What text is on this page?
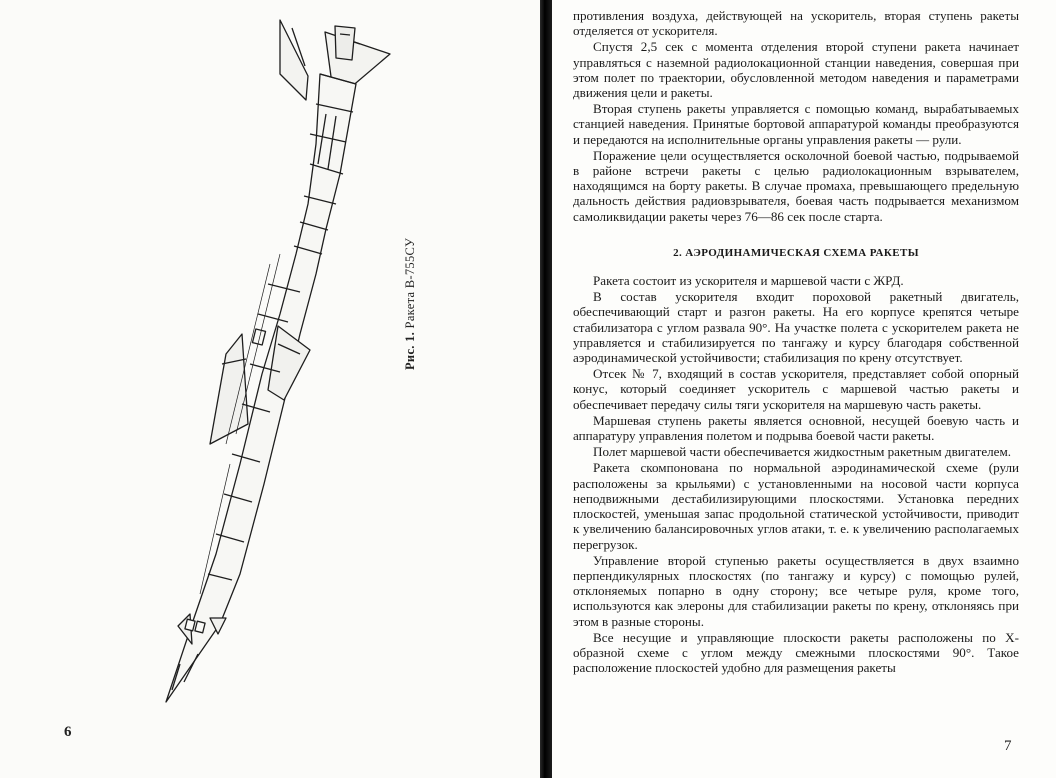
Рис. 1. Ракета В-755СУ
6

противления воздуха, действующей на ускоритель, вторая ступень ракеты отделяется от ускорителя.

Спустя 2,5 сек с момента отделения второй ступени ракета начинает управляться с наземной радиолокационной станции наведения, совершая при этом полет по траектории, обусловленной методом наведения и параметрами движения цели и ракеты.

Вторая ступень ракеты управляется с помощью команд, вырабатываемых станцией наведения. Принятые бортовой аппаратурой команды преобразуются и передаются на исполнительные органы управления ракеты — рули.

Поражение цели осуществляется осколочной боевой частью, подрываемой в районе встречи ракеты с целью радиолокационным взрывателем, находящимся на борту ракеты. В случае промаха, превышающего предельную дальность действия радиовзрывателя, боевая часть подрывается механизмом самоликвидации ракеты через 76—86 сек после старта.

2. АЭРОДИНАМИЧЕСКАЯ СХЕМА РАКЕТЫ

Ракета состоит из ускорителя и маршевой части с ЖРД.

В состав ускорителя входит пороховой ракетный двигатель, обеспечивающий старт и разгон ракеты. На его корпусе крепятся четыре стабилизатора с углом развала 90°. На участке полета с ускорителем ракета не управляется и стабилизируется по тангажу и курсу благодаря собственной аэродинамической устойчивости; стабилизация по крену отсутствует.

Отсек № 7, входящий в состав ускорителя, представляет собой опорный конус, который соединяет ускоритель с маршевой частью ракеты и обеспечивает передачу силы тяги ускорителя на маршевую часть ракеты.

Маршевая ступень ракеты является основной, несущей боевую часть и аппаратуру управления полетом и подрыва боевой части ракеты.

Полет маршевой части обеспечивается жидкостным ракетным двигателем.

Ракета скомпонована по нормальной аэродинамической схеме (рули расположены за крыльями) с установленными на носовой части корпуса неподвижными дестабилизирующими плоскостями. Установка передних плоскостей, уменьшая запас продольной статической устойчивости, приводит к увеличению балансировочных углов атаки, т. е. к увеличению располагаемых перегрузок.

Управление второй ступенью ракеты осуществляется в двух взаимно перпендикулярных плоскостях (по тангажу и курсу) с помощью рулей, отклоняемых попарно в одну сторону; все четыре руля, кроме того, используются как элероны для стабилизации ракеты по крену, отклоняясь при этом в разные стороны.

Все несущие и управляющие плоскости ракеты расположены по Х-образной схеме с углом между смежными плоскостями 90°. Такое расположение плоскостей удобно для размещения ракеты

7
